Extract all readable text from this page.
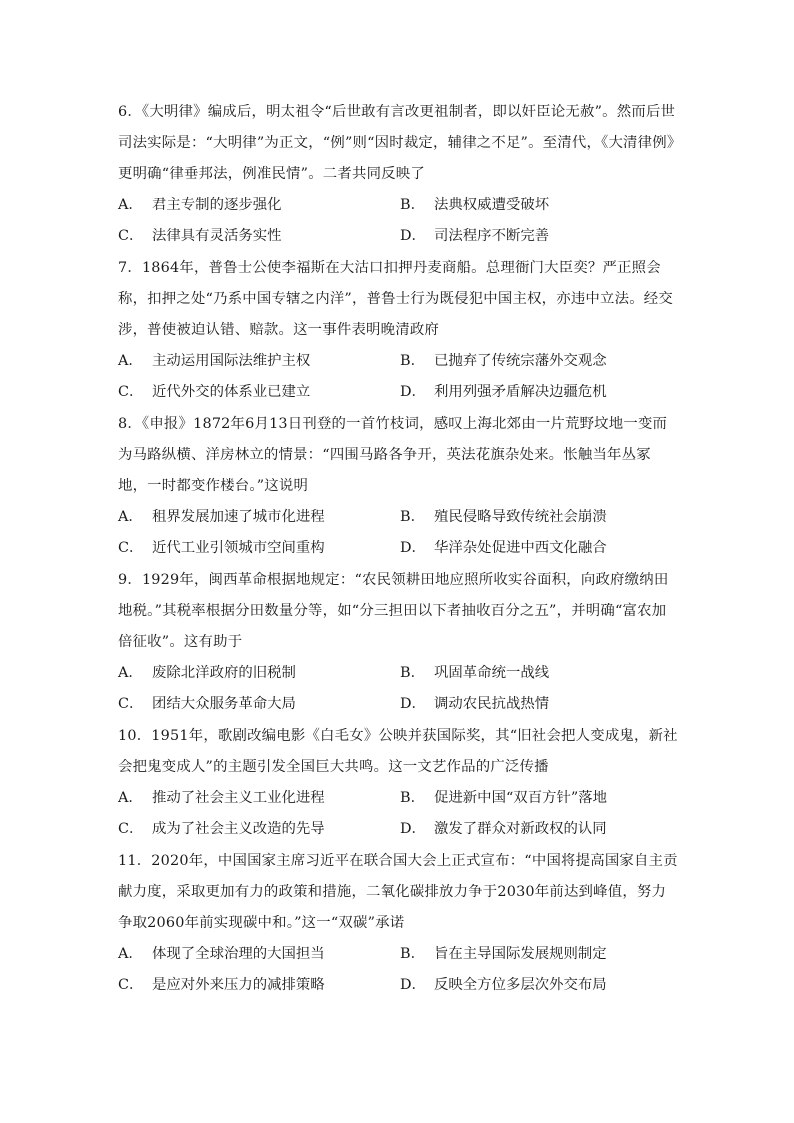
6．《大明律》编成后，明太祖令“后世敢有言改更祖制者，即以奸臣论无赦”。然而后世司法实际是：“大明律”为正文，“例”则“因时裁定，辅律之不足”。至清代，《大清律例》更明确“律垂邦法，例准民情”。二者共同反映了

A． 君主专制的逐步强化	B． 法典权威遭受破坏
C． 法律具有灵活务实性	D． 司法程序不断完善

7．1864年，普鲁士公使李福斯在大沽口扣押丹麦商船。总理衙门大臣奕？严正照会称，扣押之处“乃系中国专辖之内洋”，普鲁士行为既侵犯中国主权，亦违中立法。经交涉，普使被迫认错、赔款。这一事件表明晚清政府

A． 主动运用国际法维护主权	B． 已抛弃了传统宗藩外交观念
C． 近代外交的体系业已建立	D． 利用列强矛盾解决边疆危机

8．《申报》1872年6月13日刊登的一首竹枝词，感叹上海北郊由一片荒野坟地一变而为马路纵横、洋房林立的情景：“四围马路各争开，英法花旗杂处来。怅触当年丛冢地，一时都变作楼台。”这说明

A． 租界发展加速了城市化进程	B． 殖民侵略导致传统社会崩溃
C． 近代工业引领城市空间重构	D． 华洋杂处促进中西文化融合

9．1929年，闽西革命根据地规定：“农民领耕田地应照所收实谷面积，向政府缴纳田地税。”其税率根据分田数量分等，如“分三担田以下者抽收百分之五”，并明确“富农加倍征收”。这有助于

A． 废除北洋政府的旧税制	B． 巩固革命统一战线
C． 团结大众服务革命大局	D． 调动农民抗战热情

10．1951年，歌剧改编电影《白毛女》公映并获国际奖，其“旧社会把人变成鬼，新社会把鬼变成人”的主题引发全国巨大共鸣。这一文艺作品的广泛传播

A． 推动了社会主义工业化进程	B． 促进新中国“双百方针”落地
C． 成为了社会主义改造的先导	D． 激发了群众对新政权的认同

11．2020年，中国国家主席习近平在联合国大会上正式宣布：“中国将提高国家自主贡献力度，采取更加有力的政策和措施，二氧化碳排放力争于2030年前达到峰值，努力争取2060年前实现碳中和。”这一“双碳”承诺

A． 体现了全球治理的大国担当	B． 旨在主导国际发展规则制定
C． 是应对外来压力的减排策略	D． 反映全方位多层次外交布局
